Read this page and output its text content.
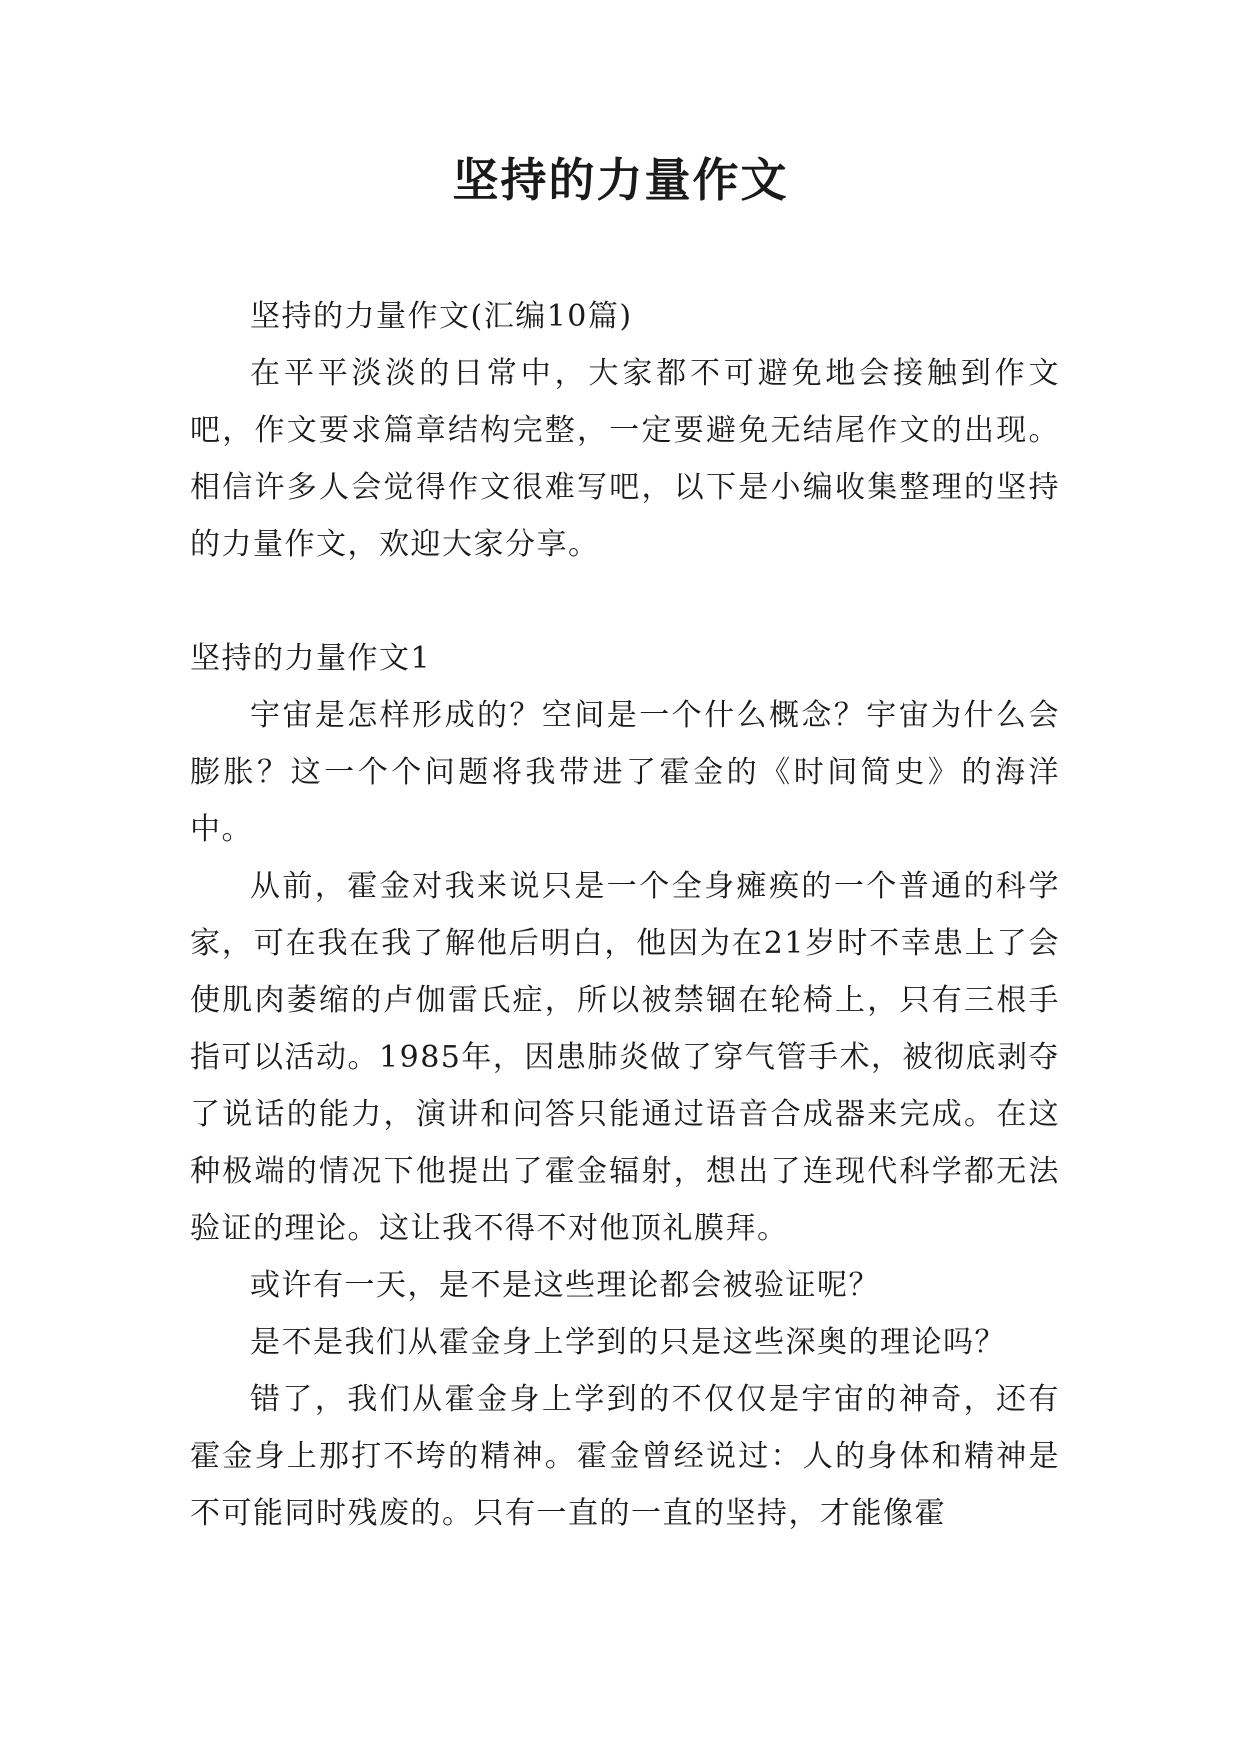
坚持的力量作文

坚持的力量作文(汇编10篇)

在平平淡淡的日常中，大家都不可避免地会接触到作文吧，作文要求篇章结构完整，一定要避免无结尾作文的出现。相信许多人会觉得作文很难写吧，以下是小编收集整理的坚持的力量作文，欢迎大家分享。

坚持的力量作文1

宇宙是怎样形成的？空间是一个什么概念？宇宙为什么会膨胀？这一个个问题将我带进了霍金的《时间简史》的海洋中。

从前，霍金对我来说只是一个全身瘫痪的一个普通的科学家，可在我在我了解他后明白，他因为在21岁时不幸患上了会使肌肉萎缩的卢伽雷氏症，所以被禁锢在轮椅上，只有三根手指可以活动。1985年，因患肺炎做了穿气管手术，被彻底剥夺了说话的能力，演讲和问答只能通过语音合成器来完成。在这种极端的情况下他提出了霍金辐射，想出了连现代科学都无法验证的理论。这让我不得不对他顶礼膜拜。

或许有一天，是不是这些理论都会被验证呢？

是不是我们从霍金身上学到的只是这些深奥的理论吗？

错了，我们从霍金身上学到的不仅仅是宇宙的神奇，还有霍金身上那打不垮的精神。霍金曾经说过：人的身体和精神是不可能同时残废的。只有一直的一直的坚持，才能像霍
